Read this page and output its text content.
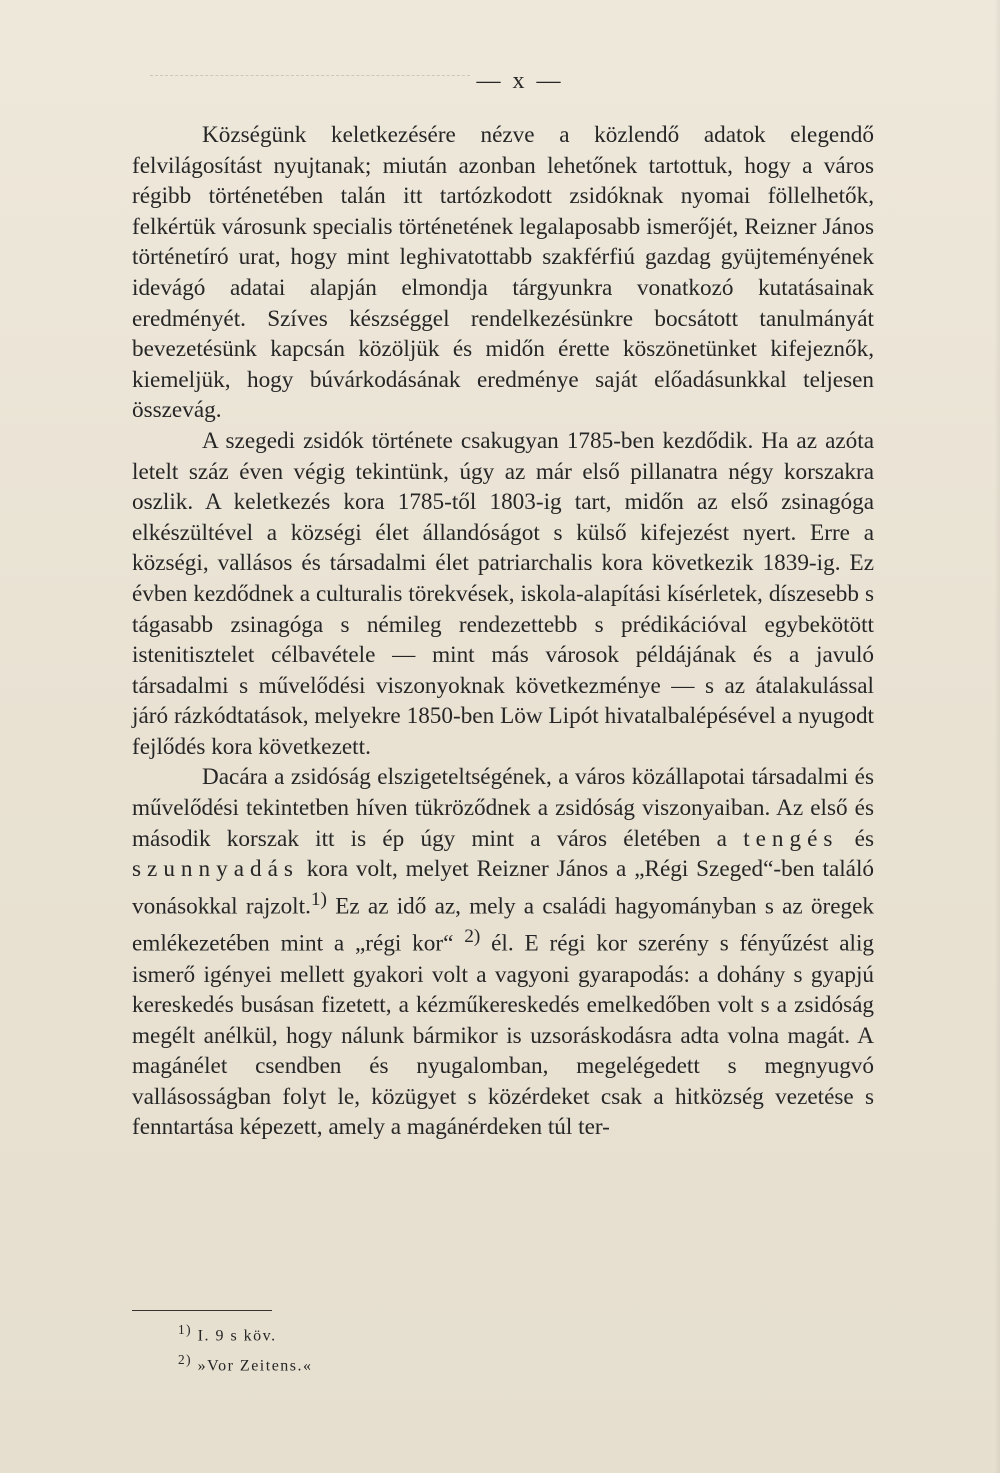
— x —

Községünk keletkezésére nézve a közlendő adatok elegendő felvilágosítást nyujtanak; miután azonban lehetőnek tartottuk, hogy a város régibb történetében talán itt tartózkodott zsidóknak nyomai föllelhetők, felkértük városunk specialis történetének legalaposabb ismerőjét, Reizner János történetíró urat, hogy mint leghivatottabb szakférfiú gazdag gyüjteményének idevágó adatai alapján elmondja tárgyunkra vonatkozó kutatásainak eredményét. Szíves készséggel rendelkezésünkre bocsátott tanulmányát bevezetésünk kapcsán közöljük és midőn érette köszönetünket kifejeznők, kiemeljük, hogy búvárkodásának eredménye saját előadásunkkal teljesen összevág.

A szegedi zsidók története csakugyan 1785-ben kezdődik. Ha az azóta letelt száz éven végig tekintünk, úgy az már első pillanatra négy korszakra oszlik. A keletkezés kora 1785-től 1803-ig tart, midőn az első zsinagóga elkészültével a községi élet állandóságot s külső kifejezést nyert. Erre a községi, vallásos és társadalmi élet patriarchalis kora következik 1839-ig. Ez évben kezdődnek a culturalis törekvések, iskola-alapítási kísérletek, díszesebb s tágasabb zsinagóga s némileg rendezettebb s prédikációval egybekötött istenitisztelet célbavétele — mint más városok példájának és a javuló társadalmi s művelődési viszonyoknak következménye — s az átalakulással járó rázkódtatások, melyekre 1850-ben Löw Lipót hivatalbalépésével a nyugodt fejlődés kora következett.

Dacára a zsidóság elszigeteltségének, a város közállapotai társadalmi és művelődési tekintetben híven tükröződnek a zsidóság viszonyaiban. Az első és második korszak itt is ép úgy mint a város életében a tengés és szunnyadás kora volt, melyet Reizner János a „Régi Szeged“-ben találó vonásokkal rajzolt.$^{1)}$ Ez az idő az, mely a családi hagyományban s az öregek emlékezetében mint a „régi kor“ $^{2)}$ él. E régi kor szerény s fényűzést alig ismerő igényei mellett gyakori volt a vagyoni gyarapodás: a dohány s gyapjú kereskedés busásan fizetett, a kézműkereskedés emelkedőben volt s a zsidóság megélt anélkül, hogy nálunk bármikor is uzsoráskodásra adta volna magát. A magánélet csendben és nyugalomban, megelégedett s megnyugvó vallásosságban folyt le, közügyet s közérdeket csak a hitközség vezetése s fenntartása képezett, amely a magánérdeken túl ter-

$^{1)}$ I. 9 s köv.
$^{2)}$ »Vor Zeitens.«
